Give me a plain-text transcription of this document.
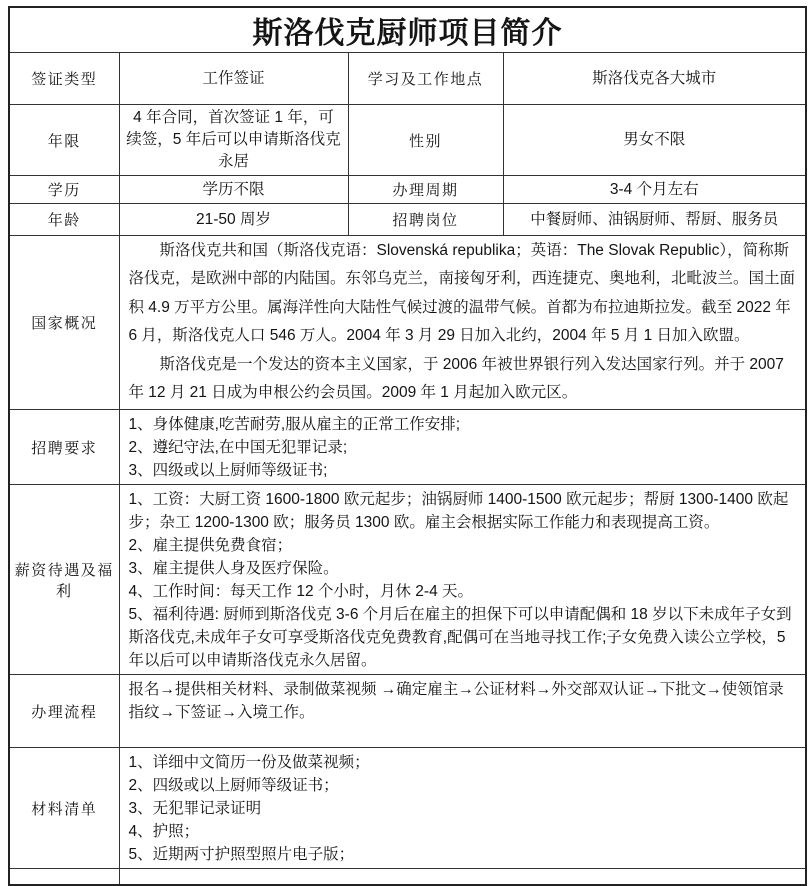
斯洛伐克厨师项目简介			
签证类型	工作签证	学习及工作地点	斯洛伐克各大城市
年限	4 年合同，首次签证 1 年，可续签，5 年后可以申请斯洛伐克永居	性别	男女不限
学历	学历不限	办理周期	3-4 个月左右
年龄	21-50 周岁	招聘岗位	中餐厨师、油锅厨师、帮厨、服务员
国家概况	斯洛伐克共和国（斯洛伐克语：Slovenská republika；英语：The Slovak Republic），简称斯洛伐克，是欧洲中部的内陆国。东邻乌克兰，南接匈牙利，西连捷克、奥地利，北毗波兰。国土面积 4.9 万平方公里。属海洋性向大陆性气候过渡的温带气候。首都为布拉迪斯拉发。截至 2022 年 6 月，斯洛伐克人口 546 万人。2004 年 3 月 29 日加入北约，2004 年 5 月 1 日加入欧盟。

斯洛伐克是一个发达的资本主义国家，于 2006 年被世界银行列入发达国家行列。并于 2007 年 12 月 21 日成为申根公约会员国。2009 年 1 月起加入欧元区。		

招聘要求	1、身体健康,吃苦耐劳,服从雇主的正常工作安排;
2、遵纪守法,在中国无犯罪记录;
3、四级或以上厨师等级证书;		

薪资待遇及福利	1、工资：大厨工资 1600-1800 欧元起步；油锅厨师 1400-1500 欧元起步；帮厨 1300-1400 欧起步；杂工 1200-1300 欧；服务员 1300 欧。雇主会根据实际工作能力和表现提高工资。
2、雇主提供免费食宿；
3、雇主提供人身及医疗保险。
4、工作时间：每天工作 12 个小时，月休 2-4 天。
5、福利待遇: 厨师到斯洛伐克 3-6 个月后在雇主的担保下可以申请配偶和 18 岁以下未成年子女到斯洛伐克,未成年子女可享受斯洛伐克免费教育,配偶可在当地寻找工作;子女免费入读公立学校，5 年以后可以申请斯洛伐克永久居留。		

办理流程	报名→提供相关材料、录制做菜视频 →确定雇主→公证材料→外交部双认证→下批文→使领馆录指纹→下签证→入境工作。		
材料清单	1、详细中文简历一份及做菜视频；
2、四级或以上厨师等级证书；
3、无犯罪记录证明
4、护照；
5、近期两寸护照型照片电子版；		
